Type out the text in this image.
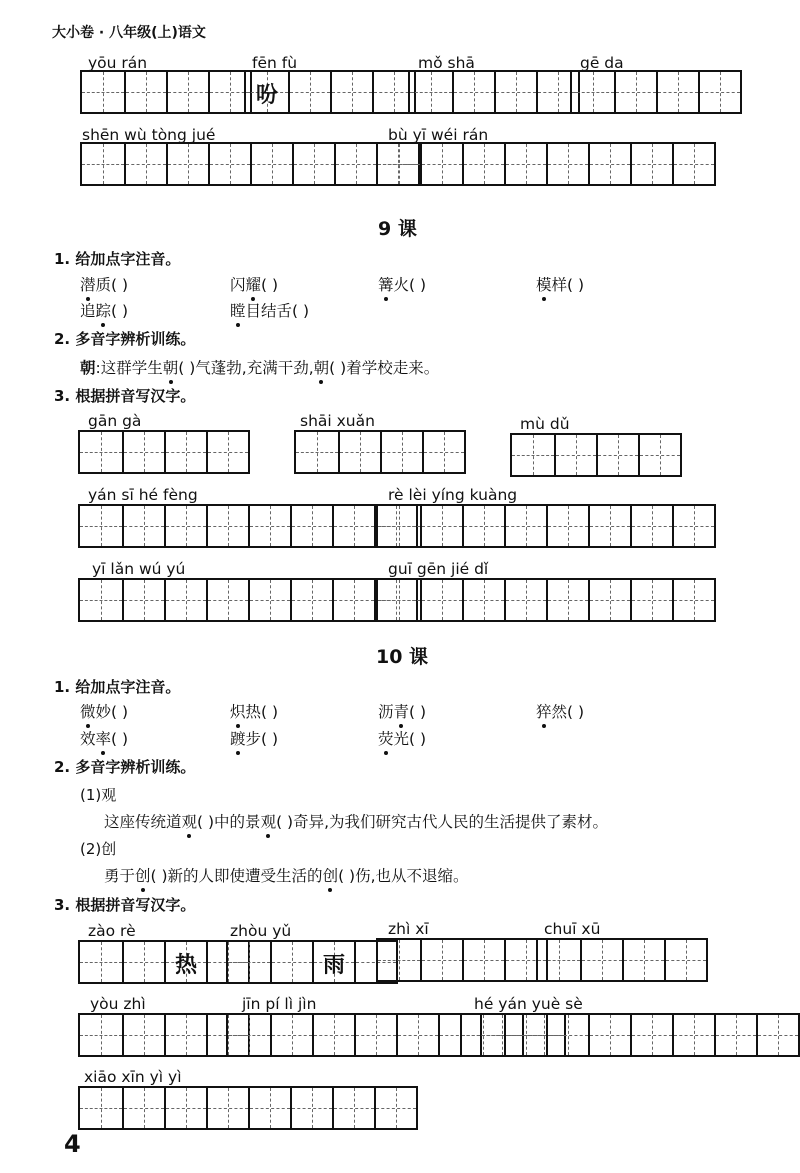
大小卷 · 八年级(上)语文
yōu rán	fēn fù
吩
mǒ shā	gē da
shēn wù tòng jué	bù yī wéi rán
9 课
1. 给加点字注音。
潜质( )	闪耀( )	篝火( )	模样( )
追踪( )	瞠目结舌( )
2. 多音字辨析训练。
朝:这群学生朝( )气蓬勃,充满干劲,朝( )着学校走来。
3. 根据拼音写汉字。
gān gà	shāi xuǎn	mù dǔ
yán sī hé fèng	rè lèi yíng kuàng
yī lǎn wú yú	guī gēn jié dǐ
10 课
1. 给加点字注音。
微妙( )	炽热( )	沥青( )	猝然( )
效率( )	踱步( )	荧光( )
2. 多音字辨析训练。
(1)观
这座传统道观( )中的景观( )奇异,为我们研究古代人民的生活提供了素材。
(2)创
勇于创( )新的人即使遭受生活的创( )伤,也从不退缩。
3. 根据拼音写汉字。
zào rè
热
zhòu yǔ
雨
zhì xī	chuī xū
yòu zhì	jīn pí lì jìn	hé yán yuè sè
xiāo xīn yì yì
4
